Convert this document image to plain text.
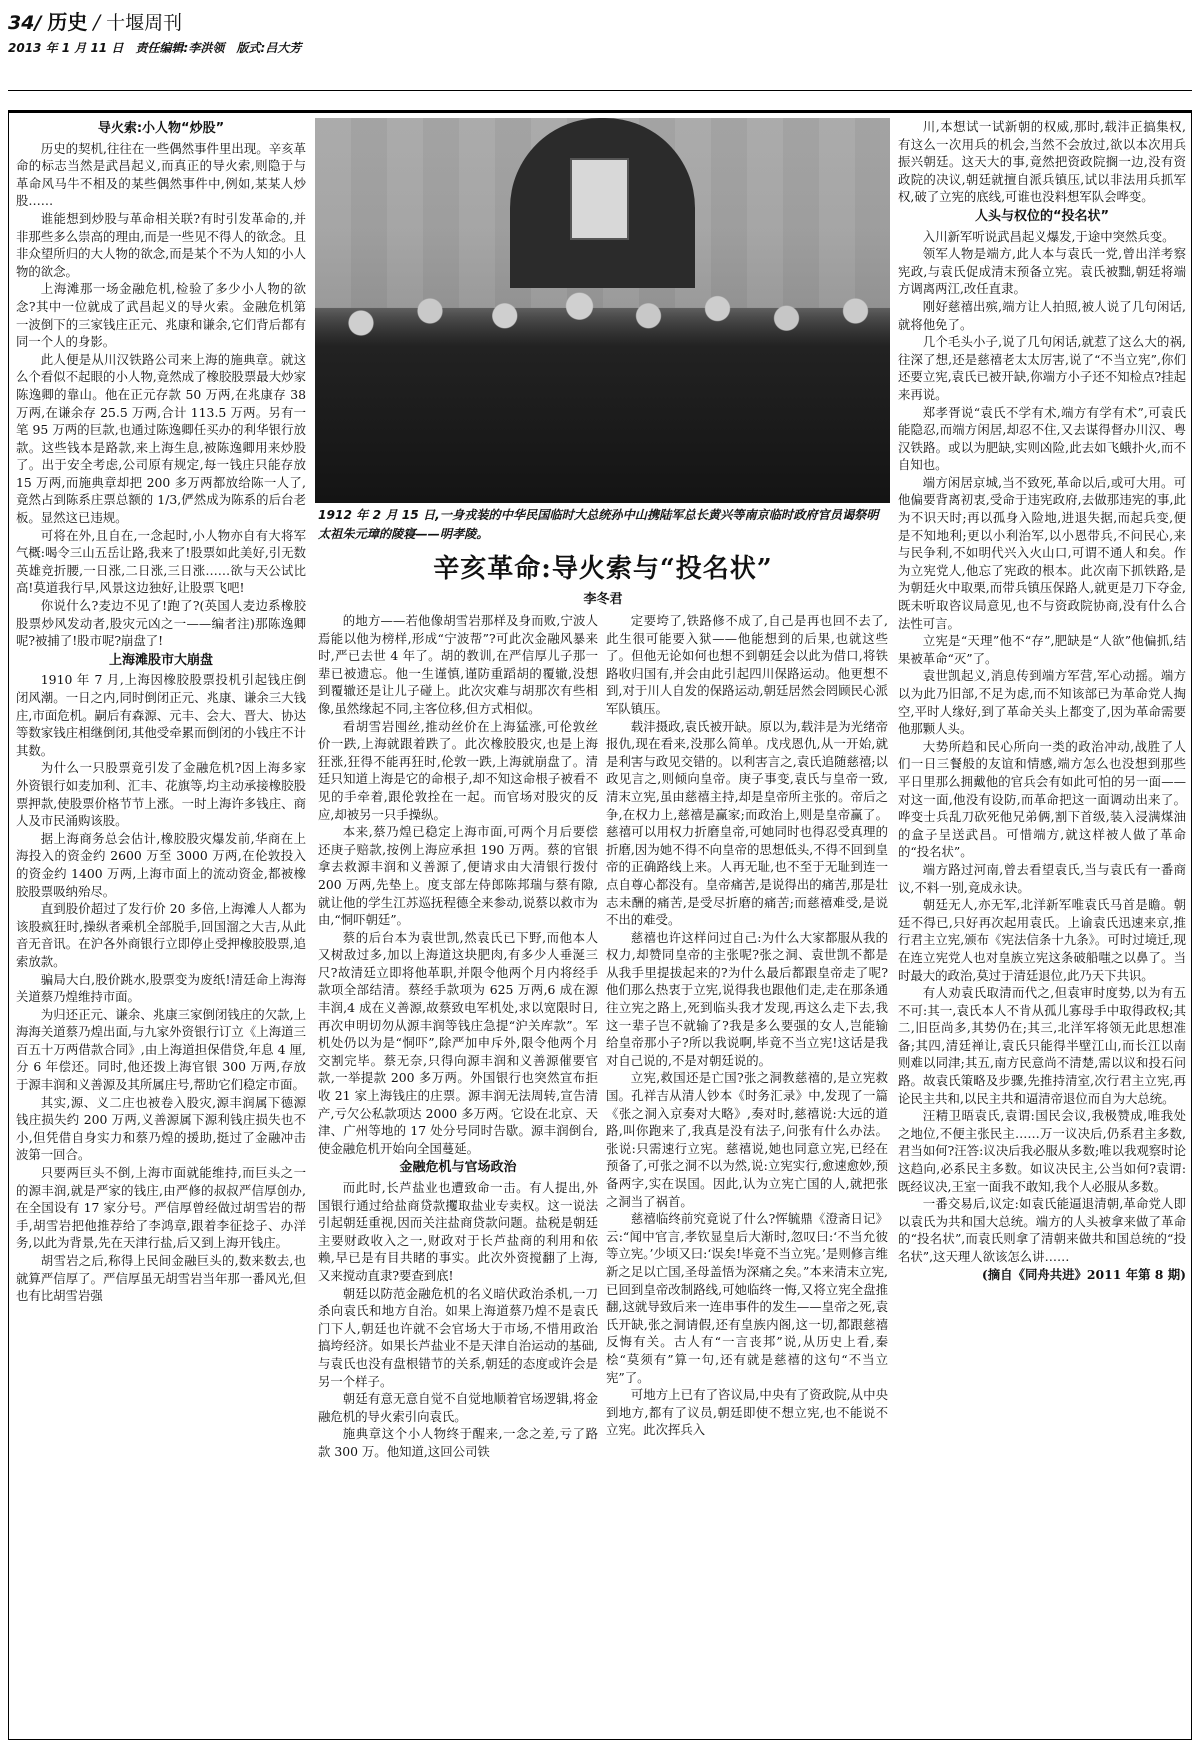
34/ 历史 / 十堰周刊
2013 年 1 月 11 日 责任编辑:李洪领 版式:吕大芳
导火索:小人物“炒股”

历史的契机,往往在一些偶然事件里出现。辛亥革命的标志当然是武昌起义,而真正的导火索,则隐于与革命风马牛不相及的某些偶然事件中,例如,某某人炒股……

谁能想到炒股与革命相关联?有时引发革命的,并非那些多么崇高的理由,而是一些见不得人的欲念。且非众望所归的大人物的欲念,而是某个不为人知的小人物的欲念。

上海滩那一场金融危机,检验了多少小人物的欲念?其中一位就成了武昌起义的导火索。金融危机第一波倒下的三家钱庄正元、兆康和谦余,它们背后都有同一个人的身影。

此人便是从川汉铁路公司来上海的施典章。就这么个看似不起眼的小人物,竟然成了橡胶股票最大炒家陈逸卿的靠山。他在正元存款 50 万两,在兆康存 38 万两,在谦余存 25.5 万两,合计 113.5 万两。另有一笔 95 万两的巨款,也通过陈逸卿任买办的利华银行放款。这些钱本是路款,来上海生息,被陈逸卿用来炒股了。出于安全考虑,公司原有规定,每一钱庄只能存放 15 万两,而施典章却把 200 多万两都放给陈一人了,竟然占到陈系庄票总额的 1/3,俨然成为陈系的后台老板。显然这已违规。

可将在外,且自在,一念起时,小人物亦自有大将军气概:喝令三山五岳让路,我来了!股票如此美好,引无数英雄竞折腰,一日涨,二日涨,三日涨……欲与天公试比高!莫道我行早,风景这边独好,让股票飞吧!

你说什么?麦边不见了!跑了?(英国人麦边系橡胶股票炒风发动者,股灾元凶之一——编者注)那陈逸卿呢?被捕了!股市呢?崩盘了!

上海滩股市大崩盘

1910 年 7 月,上海因橡胶股票投机引起钱庄倒闭风潮。一日之内,同时倒闭正元、兆康、谦余三大钱庄,市面危机。嗣后有森源、元丰、会大、晋大、协达等数家钱庄相继倒闭,其他受牵累而倒闭的小钱庄不计其数。

为什么一只股票竟引发了金融危机?因上海多家外资银行如麦加利、汇丰、花旗等,均主动承接橡胶股票押款,使股票价格节节上涨。一时上海许多钱庄、商人及市民涌购该股。

据上海商务总会估计,橡胶股灾爆发前,华商在上海投入的资金约 2600 万至 3000 万两,在伦敦投入的资金约 1400 万两,上海市面上的流动资金,都被橡胶股票吸纳殆尽。

直到股价超过了发行价 20 多倍,上海滩人人都为该股疯狂时,操纵者乘机全部脱手,回国溜之大吉,从此音无音讯。在沪各外商银行立即停止受押橡胶股票,追索放款。

骗局大白,股价跳水,股票变为废纸!清廷命上海海关道蔡乃煌维持市面。

为归还正元、谦余、兆康三家倒闭钱庄的欠款,上海海关道蔡乃煌出面,与九家外资银行订立《上海道三百五十万两借款合同》,由上海道担保借贷,年息 4 厘,分 6 年偿还。同时,他还拨上海官银 300 万两,存放于源丰润和义善源及其所属庄号,帮助它们稳定市面。

其实,源、义二庄也被卷入股灾,源丰润属下德源钱庄损失约 200 万两,义善源属下源利钱庄损失也不小,但凭借自身实力和蔡乃煌的援助,挺过了金融冲击波第一回合。

只要两巨头不倒,上海市面就能维持,而巨头之一的源丰润,就是严家的钱庄,由严修的叔叔严信厚创办,在全国设有 17 家分号。严信厚曾经做过胡雪岩的帮手,胡雪岩把他推荐给了李鸿章,跟着李征捻子、办洋务,以此为背景,先在天津行盐,后又到上海开钱庄。

胡雪岩之后,称得上民间金融巨头的,数来数去,也就算严信厚了。严信厚虽无胡雪岩当年那一番风光,但也有比胡雪岩强

1912 年 2 月 15 日,一身戎装的中华民国临时大总统孙中山携陆军总长黄兴等南京临时政府官员谒祭明太祖朱元璋的陵寝——明孝陵。
辛亥革命:导火索与“投名状”
李冬君

的地方——若他像胡雪岩那样及身而败,宁波人焉能以他为榜样,形成“宁波帮”?可此次金融风暴来时,严已去世 4 年了。胡的教训,在严信厚儿子那一辈已被遗忘。他一生谨慎,谨防重蹈胡的覆辙,没想到覆辙还是让儿子碰上。此次灾难与胡那次有些相像,虽然缘起不同,主客位移,但方式相似。

看胡雪岩囤丝,推动丝价在上海猛涨,可伦敦丝价一跌,上海就跟着跌了。此次橡胶股灾,也是上海狂涨,狂得不能再狂时,伦敦一跌,上海就崩盘了。清廷只知道上海是它的命根子,却不知这命根子被看不见的手牵着,跟伦敦拴在一起。而官场对股灾的反应,却被另一只手操纵。

本来,蔡乃煌已稳定上海市面,可两个月后要偿还庚子赔款,按例上海应承担 190 万两。蔡的官银拿去救源丰润和义善源了,便请求由大清银行拨付 200 万两,先垫上。度支部左侍郎陈邦瑞与蔡有隙,就让他的学生江苏巡抚程德全来参动,说蔡以救市为由,“恫吓朝廷”。

蔡的后台本为袁世凯,然袁氏已下野,而他本人又树敌过多,加以上海道这块肥肉,有多少人垂涎三尺?故清廷立即将他革职,并限令他两个月内将经手款项全部结清。蔡经手款项为 625 万两,6 成在源丰润,4 成在义善源,故蔡致电军机处,求以宽限时日,再次申明切勿从源丰润等钱庄急提“沪关库款”。军机处仍以为是“恫吓”,除严加申斥外,限令他两个月交割完毕。蔡无奈,只得向源丰润和义善源催要官款,一举提款 200 多万两。外国银行也突然宣布拒收 21 家上海钱庄的庄票。源丰润无法周转,宣告清产,亏欠公私款项达 2000 多万两。它设在北京、天津、广州等地的 17 处分号同时告歇。源丰润倒台,使金融危机开始向全国蔓延。

金融危机与官场政治

而此时,长芦盐业也遭致命一击。有人提出,外国银行通过给盐商贷款攫取盐业专卖权。这一说法引起朝廷重视,因而关注盐商贷款问题。盐税是朝廷主要财政收入之一,财政对于长芦盐商的利用和依赖,早已是有目共睹的事实。此次外资搅翻了上海,又来搅动直隶?要查到底!

朝廷以防范金融危机的名义暗伏政治杀机,一刀杀向袁氏和地方自治。如果上海道蔡乃煌不是袁氏门下人,朝廷也许就不会官场大于市场,不惜用政治搞垮经济。如果长芦盐业不是天津自治运动的基础,与袁氏也没有盘根错节的关系,朝廷的态度或许会是另一个样子。

朝廷有意无意自觉不自觉地顺着官场逻辑,将金融危机的导火索引向袁氏。

施典章这个小人物终于醒来,一念之差,亏了路款 300 万。他知道,这回公司铁

定要垮了,铁路修不成了,自己是再也回不去了,此生很可能要入狱——他能想到的后果,也就这些了。但他无论如何也想不到朝廷会以此为借口,将铁路收归国有,并会由此引起四川保路运动。他更想不到,对于川人自发的保路运动,朝廷居然会罔顾民心派军队镇压。

载沣摄政,袁氏被开缺。原以为,载沣是为光绪帝报仇,现在看来,没那么简单。戊戌恩仇,从一开始,就是利害与政见交错的。以利害言之,袁氏追随慈禧;以政见言之,则倾向皇帝。庚子事变,袁氏与皇帝一致,清末立宪,虽由慈禧主持,却是皇帝所主张的。帝后之争,在权力上,慈禧是赢家;而政治上,则是皇帝赢了。慈禧可以用权力折磨皇帝,可她同时也得忍受真理的折磨,因为她不得不向皇帝的思想低头,不得不回到皇帝的正确路线上来。人再无耻,也不至于无耻到连一点自尊心都没有。皇帝痛苦,是说得出的痛苦,那是壮志未酬的痛苦,是受尽折磨的痛苦;而慈禧难受,是说不出的难受。

慈禧也许这样问过自己:为什么大家都服从我的权力,却赞同皇帝的主张呢?张之洞、袁世凯不都是从我手里提拔起来的?为什么最后都跟皇帝走了呢?他们那么热衷于立宪,说得我也跟他们走,走在那条通往立宪之路上,死到临头我才发现,再这么走下去,我这一辈子岂不就输了?我是多么要强的女人,岂能输给皇帝那小子?所以我说啊,毕竟不当立宪!这话是我对自己说的,不是对朝廷说的。

立宪,救国还是亡国?张之洞教慈禧的,是立宪救国。孔祥吉从清人钞本《时务汇录》中,发现了一篇《张之洞入京奏对大略》,奏对时,慈禧说:大远的道路,叫你跑来了,我真是没有法子,问张有什么办法。张说:只需速行立宪。慈禧说,她也同意立宪,已经在预备了,可张之洞不以为然,说:立宪实行,愈速愈妙,预备两字,实在误国。因此,认为立宪亡国的人,就把张之洞当了祸首。

慈禧临终前究竟说了什么?恽毓鼎《澄斋日记》云:“闻中官言,孝钦显皇后大渐时,忽叹曰:‘不当允彼等立宪。’少顷又曰:‘误矣!毕竟不当立宪。’是则修言维新之足以亡国,圣母盖悟为深痛之矣。”本来清末立宪,已回到皇帝改制路线,可她临终一悔,又将立宪全盘推翻,这就导致后来一连串事件的发生——皇帝之死,袁氏开缺,张之洞请假,还有皇族内阁,这一切,都跟慈禧反悔有关。古人有“一言丧邦”说,从历史上看,秦桧“莫须有”算一句,还有就是慈禧的这句“不当立宪”了。

可地方上已有了咨议局,中央有了资政院,从中央到地方,都有了议员,朝廷即使不想立宪,也不能说不立宪。此次挥兵入

川,本想试一试新朝的权威,那时,载沣正搞集权,有这么一次用兵的机会,当然不会放过,欲以本次用兵振兴朝廷。这天大的事,竟然把资政院搁一边,没有资政院的决议,朝廷就擅自派兵镇压,试以非法用兵抓军权,破了立宪的底线,可谁也没料想军队会哗变。

人头与权位的“投名状”

入川新军听说武昌起义爆发,于途中突然兵变。

领军人物是端方,此人本与袁氏一党,曾出洋考察宪政,与袁氏促成清末预备立宪。袁氏被黜,朝廷将端方调离两江,改任直隶。

刚好慈禧出殡,端方让人拍照,被人说了几句闲话,就将他免了。

几个毛头小子,说了几句闲话,就惹了这么大的祸,往深了想,还是慈禧老太太厉害,说了“不当立宪”,你们还要立宪,袁氏已被开缺,你端方小子还不知检点?挂起来再说。

郑孝胥说“袁氏不学有术,端方有学有术”,可袁氏能隐忍,而端方闲居,却忍不住,又去谋得督办川汉、粤汉铁路。或以为肥缺,实则凶险,此去如飞蛾扑火,而不自知也。

端方闲居京城,当不致死,革命以后,或可大用。可他偏要背离初衷,受命于违宪政府,去做那违宪的事,此为不识天时;再以孤身入险地,进退失据,而起兵变,便是不知地利;更以小利治军,以小恩带兵,不问民心,来与民争利,不如明代兴入火山口,可谓不通人和矣。作为立宪党人,他忘了宪政的根本。此次南下抓铁路,是为朝廷火中取栗,而带兵镇压保路人,就更是刀下夺金,既未听取咨议局意见,也不与资政院协商,没有什么合法性可言。

立宪是“天理”他不“存”,肥缺是“人欲”他偏抓,结果被革命“灭”了。

袁世凯起义,消息传到端方军营,军心动摇。端方以为此乃旧部,不足为虑,而不知该部已为革命党人掏空,平时人缘好,到了革命关头上都变了,因为革命需要他那颗人头。

大势所趋和民心所向一类的政治冲动,战胜了人们一日三餐般的友谊和情感,端方怎么也没想到那些平日里那么拥戴他的官兵会有如此可怕的另一面——对这一面,他没有设防,而革命把这一面调动出来了。哗变士兵乱刀砍死他兄弟俩,割下首级,装入浸满煤油的盒子呈送武昌。可惜端方,就这样被人做了革命的“投名状”。

端方路过河南,曾去看望袁氏,当与袁氏有一番商议,不料一别,竟成永诀。

朝廷无人,亦无军,北洋新军唯袁氏马首是瞻。朝廷不得已,只好再次起用袁氏。上谕袁氏迅速来京,推行君主立宪,颁布《宪法信条十九条》。可时过境迁,现在连立宪党人也对皇族立宪这条破船嗤之以鼻了。当时最大的政治,莫过于清廷退位,此乃天下共识。

有人劝袁氏取清而代之,但袁审时度势,以为有五不可:其一,袁氏本人不肯从孤儿寡母手中取得政权;其二,旧臣尚多,其势仍在;其三,北洋军将领无此思想准备;其四,清廷禅让,袁氏只能得半壁江山,而长江以南则难以同津;其五,南方民意尚不清楚,需以议和投石问路。故袁氏策略及步骤,先推持清室,次行君主立宪,再论民主共和,以民主共和逼清帝退位而自为大总统。

汪精卫晤袁氏,袁谓:国民会议,我极赞成,唯我处之地位,不便主张民主……万一议决后,仍系君主多数,君当如何?汪答:议决后我必服从多数;唯以我观察时论这趋向,必系民主多数。如议决民主,公当如何?袁谓:既经议决,王室一面我不敢知,我个人必服从多数。

一番交易后,议定:如袁氏能逼退清朝,革命党人即以袁氏为共和国大总统。端方的人头被拿来做了革命的“投名状”,而袁氏则拿了清朝来做共和国总统的“投名状”,这天理人欲该怎么讲……

(摘自《同舟共进》2011 年第 8 期)
